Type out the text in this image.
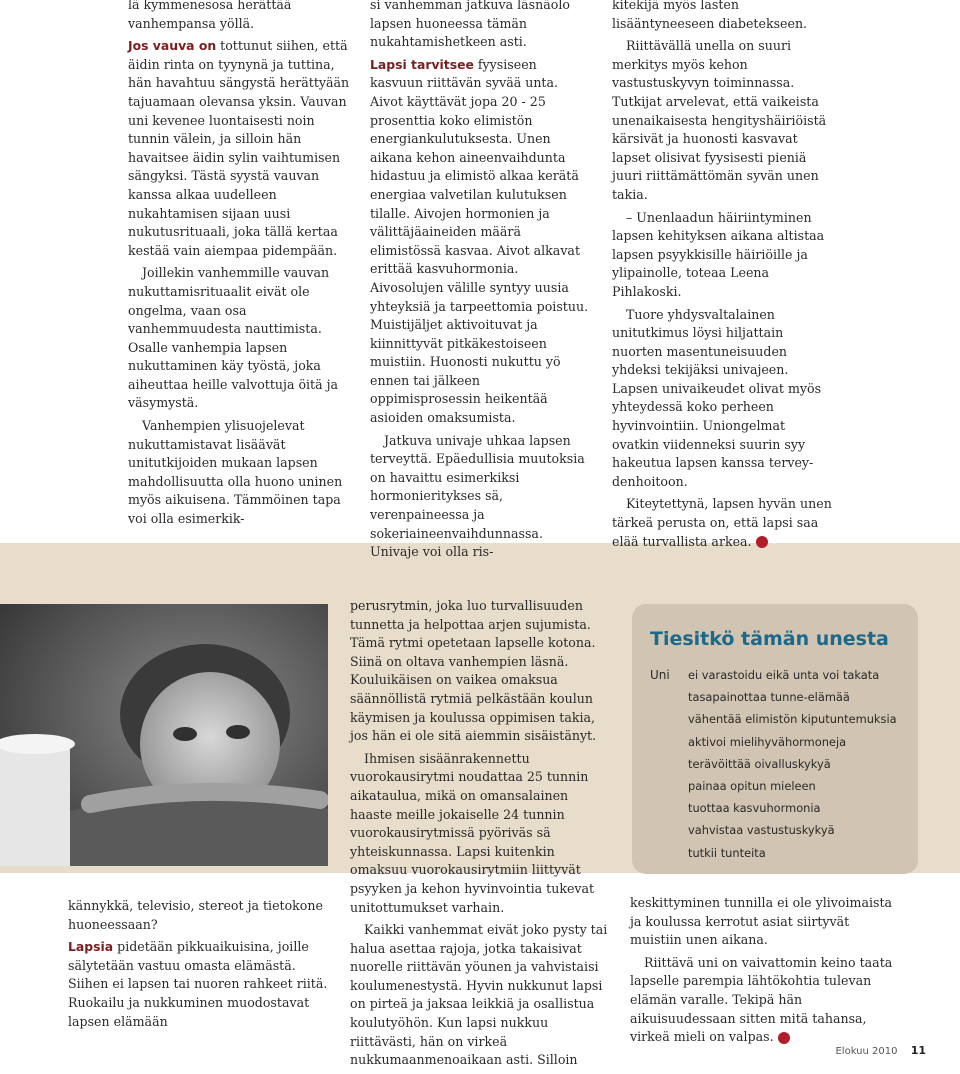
lä kymmenesosa herättää vanhempansa yöllä.

Jos vauva on tottunut siihen, että äidin rinta on tyynynä ja tuttina, hän havahtuu sängystä herättyään tajuamaan olevansa yksin. Vauvan uni kevenee luontaisesti noin tunnin välein, ja silloin hän havaitsee äidin sylin vaihtumisen sängyksi. Tästä syystä vauvan kanssa alkaa uudelleen nukahtamisen sijaan uusi nukutusrituaali, joka tällä kertaa kestää vain aiempaa pidempään.

Joillekin vanhemmille vauvan nukuttamisrituaalit eivät ole ongelma, vaan osa vanhemmuudesta nauttimista. Osalle vanhempia lapsen nukuttaminen käy työstä, joka aiheuttaa heille valvottuja öitä ja väsymystä.

Vanhempien ylisuojelevat nukuttamistavat lisäävät unitutkijoiden mukaan lapsen mahdollisuutta olla huono uninen myös aikuisena. Tämmöinen tapa voi olla esimerkik-

si vanhemman jatkuva läsnäolo lapsen huoneessa tämän nukahtamishetkeen asti.

Lapsi tarvitsee fyysiseen kasvuun riittävän syvää unta. Aivot käyttävät jopa 20 - 25 prosenttia koko elimistön energiankulutuksesta. Unen aikana kehon aineenvaihdunta hidastuu ja elimistö alkaa kerätä energiaa valvetilan kulutuksen tilalle. Aivojen hormonien ja välittäjäaineiden määrä elimistössä kasvaa. Aivot alkavat erittää kasvuhormonia. Aivosolujen välille syntyy uusia yhteyksiä ja tarpeettomia poistuu. Muistijäljet aktivoituvat ja kiinnittyvät pitkäkestoiseen muistiin. Huonosti nukuttu yö ennen tai jälkeen oppimisprosessin heikentää asioiden omaksumista.

Jatkuva univaje uhkaa lapsen terveyttä. Epäedullisia muutoksia on havaittu esimerkiksi hormonieritykses sä, verenpaineessa ja sokeriaineenvaihdunnassa. Univaje voi olla ris-

kitekijä myös lasten lisääntyneeseen diabetekseen.

Riittävällä unella on suuri merkitys myös kehon vastustuskyvyn toiminnassa. Tutkijat arvelevat, että vaikeista unenaikaisesta hengityshäiriöistä kärsivät ja huonosti kasvavat lapset olisivat fyysisesti pieniä juuri riittämättömän syvän unen takia.

– Unenlaadun häiriintyminen lapsen kehityksen aikana altistaa lapsen psyykkisille häiriöille ja ylipainolle, toteaa Leena Pihlakoski.

Tuore yhdysvaltalainen unitutkimus löysi hiljattain nuorten masentuneisuuden yhdeksi tekijäksi univajeen. Lapsen univaikeudet olivat myös yhteydessä koko perheen hyvinvointiin. Uniongelmat ovatkin viidenneksi suurin syy hakeutua lapsen kanssa tervey-denhoitoon.

Kiteytettynä, lapsen hyvän unen tärkeä perusta on, että lapsi saa elää turvallista arkea. ❦

kännykkä, televisio, stereot ja tietokone huoneessaan?

Lapsia pidetään pikkuaikuisina, joille sälytetään vastuu omasta elämästä. Siihen ei lapsen tai nuoren rahkeet riitä. Ruokailu ja nukkuminen muodostavat lapsen elämään

perusrytmin, joka luo turvallisuuden tunnetta ja helpottaa arjen sujumista. Tämä rytmi opetetaan lapselle kotona. Siinä on oltava vanhempien läsnä. Kouluikäisen on vaikea omaksua säännöllistä rytmiä pelkästään koulun käymisen ja koulussa oppimisen takia, jos hän ei ole sitä aiemmin sisäistänyt.

Ihmisen sisäänrakennettu vuorokausirytmi noudattaa 25 tunnin aikataulua, mikä on omansalainen haaste meille jokaiselle 24 tunnin vuorokausirytmissä pyöriväs sä yhteiskunnassa. Lapsi kuitenkin omaksuu vuorokausirytmiin liittyvät psyyken ja kehon hyvinvointia tukevat unitottumukset varhain.

Kaikki vanhemmat eivät joko pysty tai halua asettaa rajoja, jotka takaisivat nuorelle riittävän yöunen ja vahvistaisi koulumenestystä. Hyvin nukkunut lapsi on pirteä ja jaksaa leikkiä ja osallistua koulutyöhön. Kun lapsi nukkuu riittävästi, hän on virkeä nukkumaanmenoaikaan asti. Silloin

keskittyminen tunnilla ei ole ylivoimaista ja koulussa kerrotut asiat siirtyvät muistiin unen aikana.

Riittävä uni on vaivattomin keino taata lapselle parempia lähtökohtia tulevan elämän varalle. Tekipä hän aikuisuudessaan sitten mitä tahansa, virkeä mieli on valpas. ❦

Tiesitkö tämän unesta
Uni ei varastoidu eikä unta voi takata
tasapainottaa tunne-elämää
vähentää elimistön kiputuntemuksia
aktivoi mielihyvähormoneja
terävöittää oivalluskykyä
painaa opitun mieleen
tuottaa kasvuhormonia
vahvistaa vastustuskykyä
tutkii tunteita
Elokuu 2010 11
